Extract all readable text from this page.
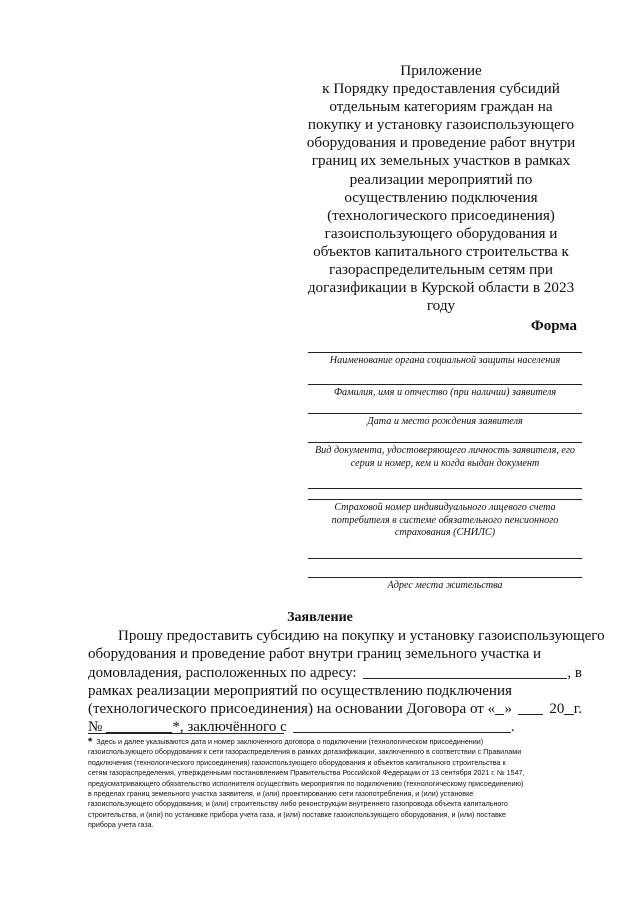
Приложение
к Порядку предоставления субсидий
отдельным категориям граждан на
покупку и установку газоиспользующего
оборудования и проведение работ внутри
границ их земельных участков в рамках
реализации мероприятий по
осуществлению подключения
(технологического присоединения)
газоиспользующего оборудования и
объектов капитального строительства к
газораспределительным сетям при
догазификации в Курской области в 2023
году
Форма
Наименование органа социальной защиты населения
Фамилия, имя и отчество (при наличии) заявителя
Дата и место рождения заявителя
Вид документа, удостоверяющего личность заявителя, его серия и номер, кем и когда выдан документ
Страховой номер индивидуального лицевого счета потребителя в системе обязательного пенсионного страхования (СНИЛС)
Адрес места жительства
Заявление
Прошу предоставить субсидию на покупку и установку газоиспользующего
оборудования и проведение работ внутри границ земельного участка и
домовладения, расположенных по адресу:	, в
рамках реализации мероприятий по осуществлению подключения
(технологического присоединения) на основании Договора от « » 20 г.
№	*, заключённого с	.
* Здесь и далее указываются дата и номер заключенного договора о подключении (технологическом присоединении)
газоиспользующего оборудования к сети газораспределения в рамках догазификации, заключенного в соответствии с Правилами
подключения (технологического присоединения) газоиспользующего оборудования и объектов капитального строительства к
сетям газораспределения, утвержденными постановлением Правительства Российской Федерации от 13 сентября 2021 г. № 1547,
предусматривающего обязательство исполнителя осуществить мероприятия по подключению (технологическому присоединению)
в пределах границ земельного участка заявителя, и (или) проектированию сети газопотребления, и (или) установке
газоиспользующего оборудования, и (или) строительству либо реконструкции внутреннего газопровода объекта капитального
строительства, и (или) по установке прибора учета газа, и (или) поставке газоиспользующего оборудования, и (или) поставке
прибора учета газа.
